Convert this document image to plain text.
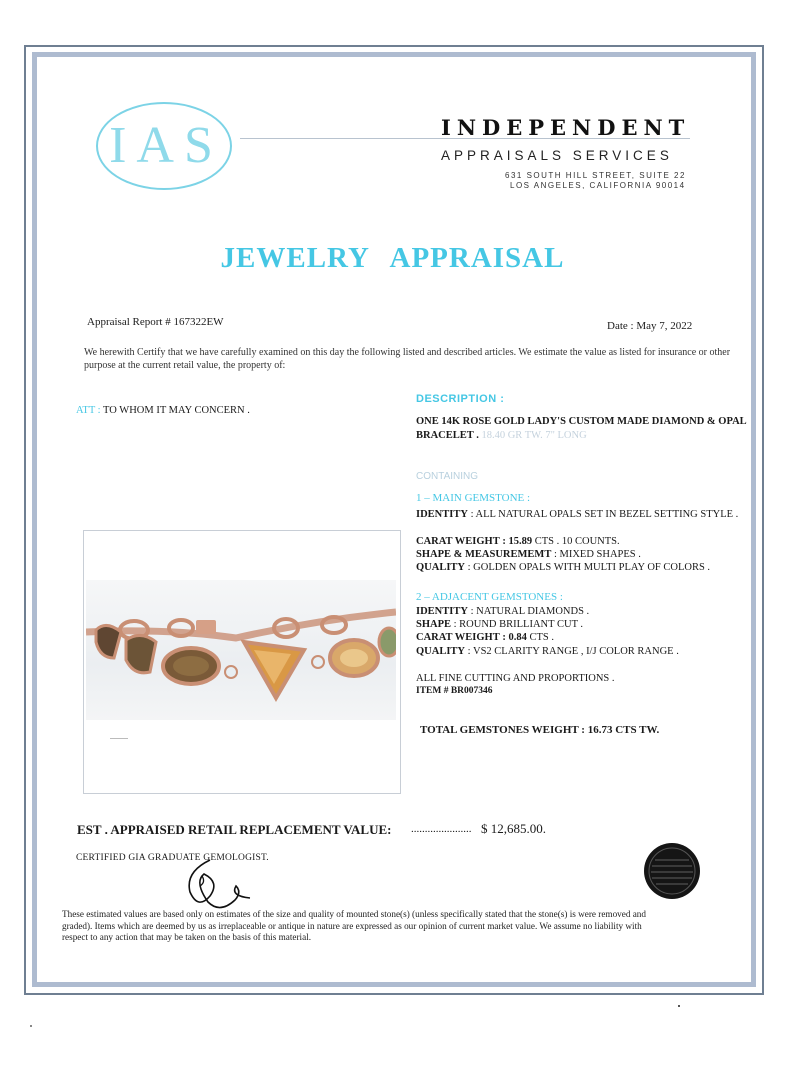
IAS	INDEPENDENT
APPRAISALS SERVICES
631 SOUTH HILL STREET, SUITE 22
LOS ANGELES, CALIFORNIA 90014
JEWELRY APPRAISAL
Appraisal Report # 167322EW	Date : May 7, 2022
We herewith Certify that we have carefully examined on this day the following listed and described articles. We estimate the value as listed for insurance or other purpose at the current retail value, the property of:
ATT : TO WHOM IT MAY CONCERN .
DESCRIPTION :
ONE 14K ROSE GOLD LADY'S CUSTOM MADE DIAMOND & OPAL BRACELET . 18.40 GR TW. 7" LONG
CONTAINING
1 – MAIN GEMSTONE :
IDENTITY : ALL NATURAL OPALS SET IN BEZEL SETTING STYLE .
CARAT WEIGHT : 15.89 CTS . 10 COUNTS.
SHAPE & MEASUREMEMT : MIXED SHAPES .
QUALITY : GOLDEN OPALS WITH MULTI PLAY OF COLORS .
2 – ADJACENT GEMSTONES :
IDENTITY : NATURAL DIAMONDS .
SHAPE : ROUND BRILLIANT CUT .
CARAT WEIGHT : 0.84 CTS .
QUALITY : VS2 CLARITY RANGE , I/J COLOR RANGE .
ALL FINE CUTTING AND PROPORTIONS .
ITEM # BR007346
TOTAL GEMSTONES WEIGHT : 16.73 CTS TW.
EST . APPRAISED RETAIL REPLACEMENT VALUE: ...................... $ 12,685.00.
CERTIFIED GIA GRADUATE GEMOLOGIST.
These estimated values are based only on estimates of the size and quality of mounted stone(s) (unless specifically stated that the stone(s) is were removed and graded). Items which are deemed by us as irreplaceable or antique in nature are expressed as our opinion of current market value. We assume no liability with respect to any action that may be taken on the basis of this material.
